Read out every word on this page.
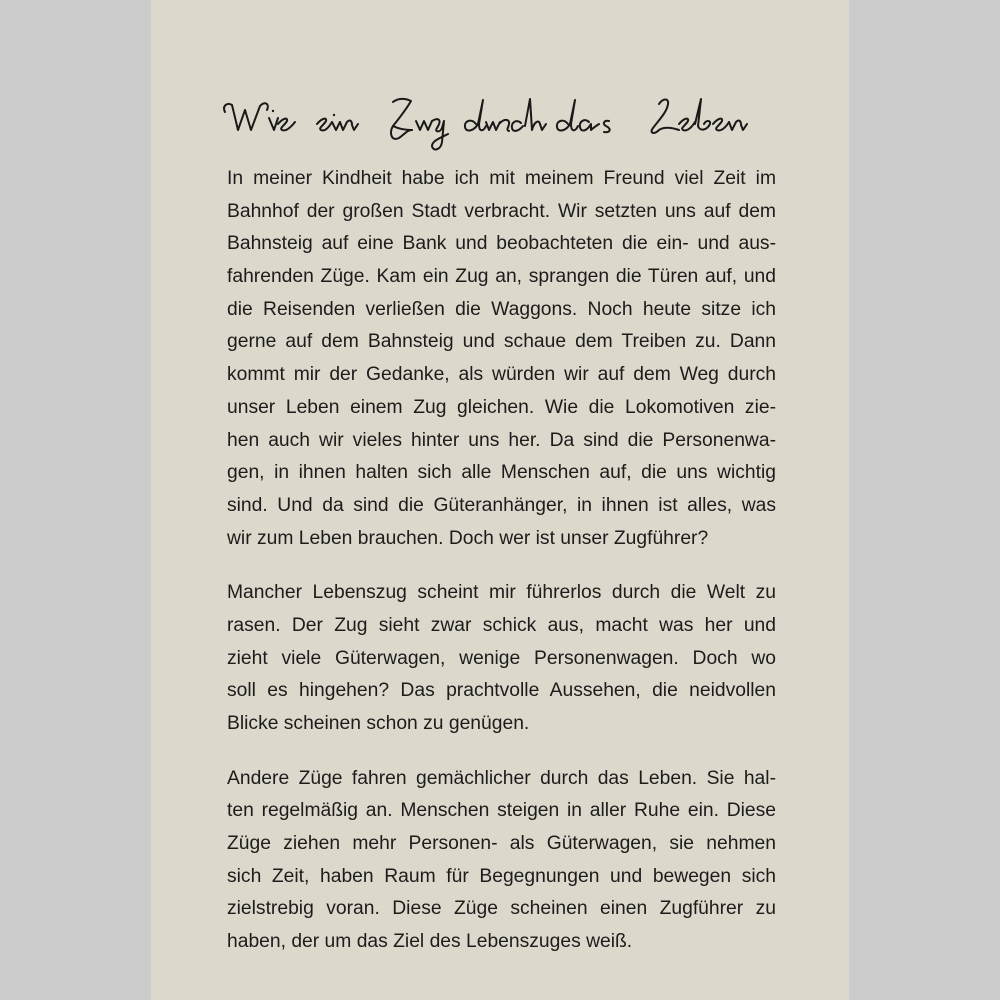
In meiner Kindheit habe ich mit meinem Freund viel Zeit im
Bahnhof der großen Stadt verbracht. Wir setzten uns auf dem
Bahnsteig auf eine Bank und beobachteten die ein- und aus-
fahrenden Züge. Kam ein Zug an, sprangen die Türen auf, und
die Reisenden verließen die Waggons. Noch heute sitze ich
gerne auf dem Bahnsteig und schaue dem Treiben zu. Dann
kommt mir der Gedanke, als würden wir auf dem Weg durch
unser Leben einem Zug gleichen. Wie die Lokomotiven zie-
hen auch wir vieles hinter uns her. Da sind die Personenwa-
gen, in ihnen halten sich alle Menschen auf, die uns wichtig
sind. Und da sind die Güteranhänger, in ihnen ist alles, was
wir zum Leben brauchen. Doch wer ist unser Zugführer?

Mancher Lebenszug scheint mir führerlos durch die Welt zu
rasen. Der Zug sieht zwar schick aus, macht was her und
zieht viele Güterwagen, wenige Personenwagen. Doch wo
soll es hingehen? Das prachtvolle Aussehen, die neidvollen
Blicke scheinen schon zu genügen.

Andere Züge fahren gemächlicher durch das Leben. Sie hal-
ten regelmäßig an. Menschen steigen in aller Ruhe ein. Diese
Züge ziehen mehr Personen- als Güterwagen, sie nehmen
sich Zeit, haben Raum für Begegnungen und bewegen sich
zielstrebig voran. Diese Züge scheinen einen Zugführer zu
haben, der um das Ziel des Lebenszuges weiß.
